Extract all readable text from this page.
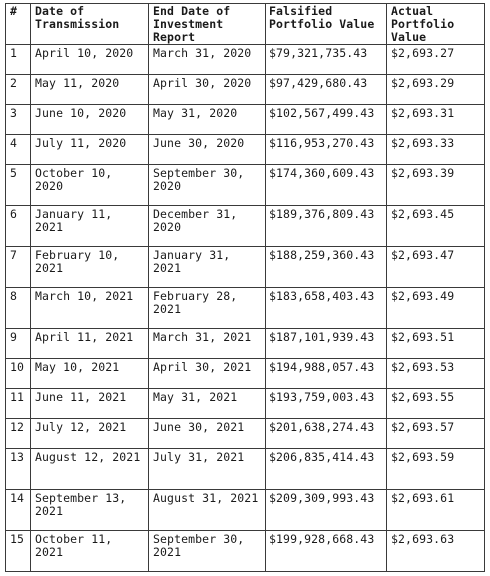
#	Date of Transmission	End Date of Investment Report	Falsified Portfolio Value	Actual Portfolio Value
1	April 10, 2020	March 31, 2020	$79,321,735.43	$2,693.27
2	May 11, 2020	April 30, 2020	$97,429,680.43	$2,693.29
3	June 10, 2020	May 31, 2020	$102,567,499.43	$2,693.31
4	July 11, 2020	June 30, 2020	$116,953,270.43	$2,693.33
5	October 10, 2020	September 30, 2020	$174,360,609.43	$2,693.39
6	January 11, 2021	December 31, 2020	$189,376,809.43	$2,693.45
7	February 10, 2021	January 31, 2021	$188,259,360.43	$2,693.47
8	March 10, 2021	February 28, 2021	$183,658,403.43	$2,693.49
9	April 11, 2021	March 31, 2021	$187,101,939.43	$2,693.51
10	May 10, 2021	April 30, 2021	$194,988,057.43	$2,693.53
11	June 11, 2021	May 31, 2021	$193,759,003.43	$2,693.55
12	July 12, 2021	June 30, 2021	$201,638,274.43	$2,693.57
13	August 12, 2021	July 31, 2021	$206,835,414.43	$2,693.59
14	September 13, 2021	August 31, 2021	$209,309,993.43	$2,693.61
15	October 11, 2021	September 30, 2021	$199,928,668.43	$2,693.63
